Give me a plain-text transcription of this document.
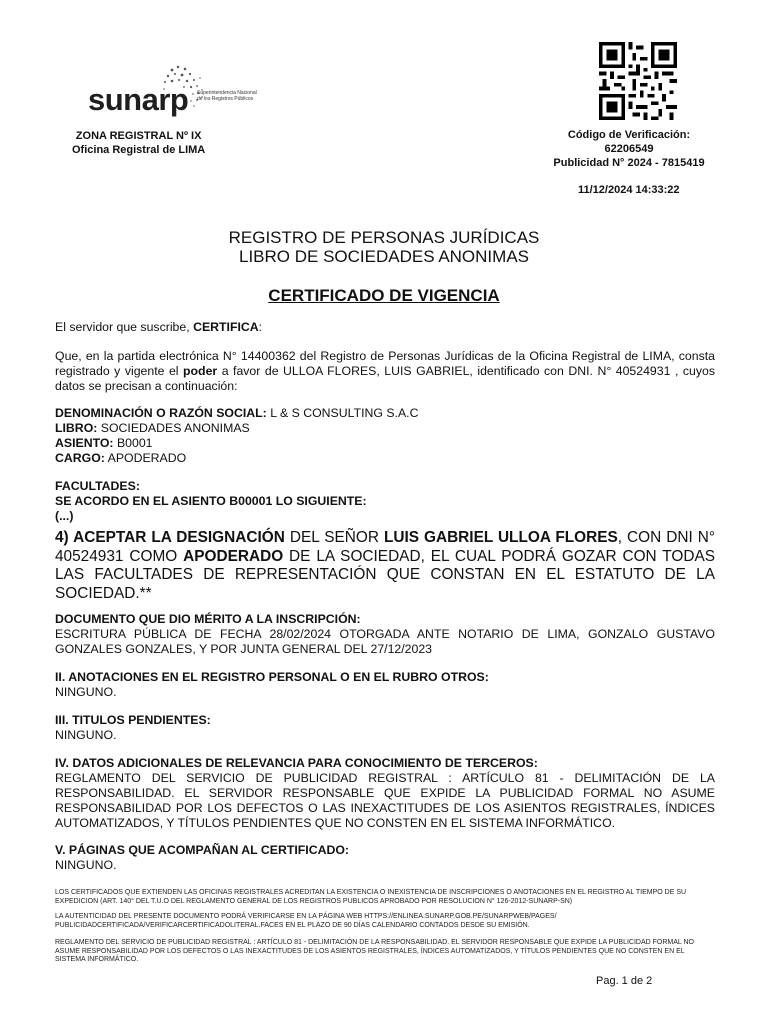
sunarp Superintendencia Nacional de los Registros Públicos
ZONA REGISTRAL Nº IX
Oficina Registral de LIMA
Código de Verificación:
62206549
Publicidad N° 2024 - 7815419
11/12/2024 14:33:22
REGISTRO DE PERSONAS JURÍDICAS
LIBRO DE SOCIEDADES ANONIMAS
CERTIFICADO DE VIGENCIA
El servidor que suscribe, CERTIFICA:
Que, en la partida electrónica N° 14400362 del Registro de Personas Jurídicas de la Oficina Registral de LIMA, consta registrado y vigente el poder a favor de ULLOA FLORES, LUIS GABRIEL, identificado con DNI. N° 40524931 , cuyos datos se precisan a continuación:
DENOMINACIÓN O RAZÓN SOCIAL: L & S CONSULTING S.A.C
LIBRO: SOCIEDADES ANONIMAS
ASIENTO: B0001
CARGO: APODERADO
FACULTADES:
SE ACORDO EN EL ASIENTO B00001 LO SIGUIENTE:
(...)
4) ACEPTAR LA DESIGNACIÓN DEL SEÑOR LUIS GABRIEL ULLOA FLORES, CON DNI N° 40524931 COMO APODERADO DE LA SOCIEDAD, EL CUAL PODRÁ GOZAR CON TODAS LAS FACULTADES DE REPRESENTACIÓN QUE CONSTAN EN EL ESTATUTO DE LA SOCIEDAD.**
DOCUMENTO QUE DIO MÉRITO A LA INSCRIPCIÓN:
ESCRITURA PÚBLICA DE FECHA 28/02/2024 OTORGADA ANTE NOTARIO DE LIMA, GONZALO GUSTAVO GONZALES GONZALES, Y POR JUNTA GENERAL DEL 27/12/2023
II. ANOTACIONES EN EL REGISTRO PERSONAL O EN EL RUBRO OTROS:
NINGUNO.
III. TITULOS PENDIENTES:
NINGUNO.
IV. DATOS ADICIONALES DE RELEVANCIA PARA CONOCIMIENTO DE TERCEROS:
REGLAMENTO DEL SERVICIO DE PUBLICIDAD REGISTRAL : ARTÍCULO 81 - DELIMITACIÓN DE LA RESPONSABILIDAD. EL SERVIDOR RESPONSABLE QUE EXPIDE LA PUBLICIDAD FORMAL NO ASUME RESPONSABILIDAD POR LOS DEFECTOS O LAS INEXACTITUDES DE LOS ASIENTOS REGISTRALES, ÍNDICES AUTOMATIZADOS, Y TÍTULOS PENDIENTES QUE NO CONSTEN EN EL SISTEMA INFORMÁTICO.
V. PÁGINAS QUE ACOMPAÑAN AL CERTIFICADO:
NINGUNO.
LOS CERTIFICADOS QUE EXTIENDEN LAS OFICINAS REGISTRALES ACREDITAN LA EXISTENCIA O INEXISTENCIA DE INSCRIPCIONES O ANOTACIONES EN EL REGISTRO AL TIEMPO DE SU EXPEDICION (ART. 140° DEL T.U.O DEL REGLAMENTO GENERAL DE LOS REGISTROS PUBLICOS APROBADO POR RESOLUCION N° 126-2012-SUNARP-SN)
LA AUTENTICIDAD DEL PRESENTE DOCUMENTO PODRÁ VERIFICARSE EN LA PÁGINA WEB HTTPS://ENLINEA.SUNARP.GOB.PE/SUNARPWEB/PAGES/ PUBLICIDADCERTIFICADA/VERIFICARCERTIFICADOLITERAL.FACES EN EL PLAZO DE 90 DÍAS CALENDARIO CONTADOS DESDE SU EMISIÓN.
REGLAMENTO DEL SERVICIO DE PUBLICIDAD REGISTRAL : ARTÍCULO 81 - DELIMITACIÓN DE LA RESPONSABILIDAD. EL SERVIDOR RESPONSABLE QUE EXPIDE LA PUBLICIDAD FORMAL NO ASUME RESPONSABILIDAD POR LOS DEFECTOS O LAS INEXACTITUDES DE LOS ASIENTOS REGISTRALES, ÍNDICES AUTOMATIZADOS, Y TÍTULOS PENDIENTES QUE NO CONSTEN EN EL SISTEMA INFORMÁTICO.
Pag. 1 de 2
